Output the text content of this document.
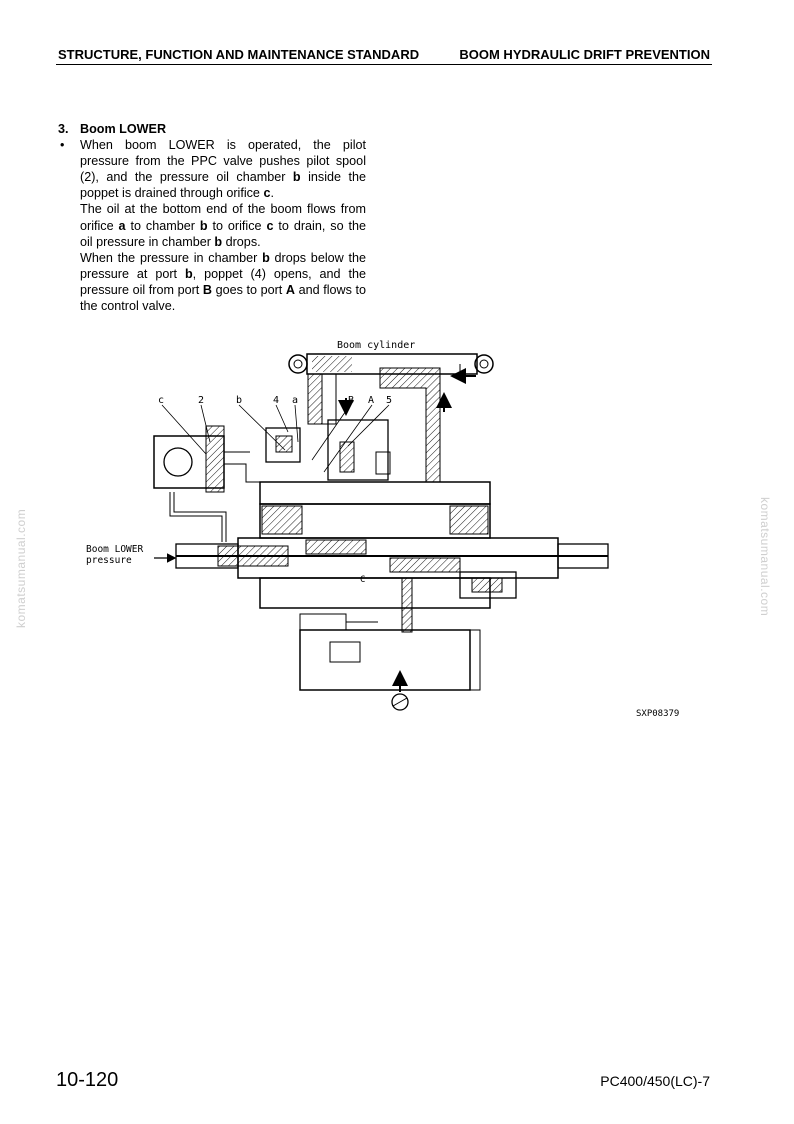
STRUCTURE, FUNCTION AND MAINTENANCE STANDARD	BOOM HYDRAULIC DRIFT PREVENTION
3. Boom LOWER
• When boom LOWER is operated, the pilot pressure from the PPC valve pushes pilot spool (2), and the pressure oil chamber b inside the poppet is drained through orifice c.

The oil at the bottom end of the boom flows from orifice a to chamber b to orifice c to drain, so the oil pressure in chamber b drops.

When the pressure in chamber b drops below the pressure at port b, poppet (4) opens, and the pressure oil from port B goes to port A and flows to the control valve.

komatsumanual.com	komatsumanual.com
Boom cylinder
c	2	b	4 a	B A 5
C
Boom LOWER
pressure
SXP08379
10-120	PC400/450(LC)-7
